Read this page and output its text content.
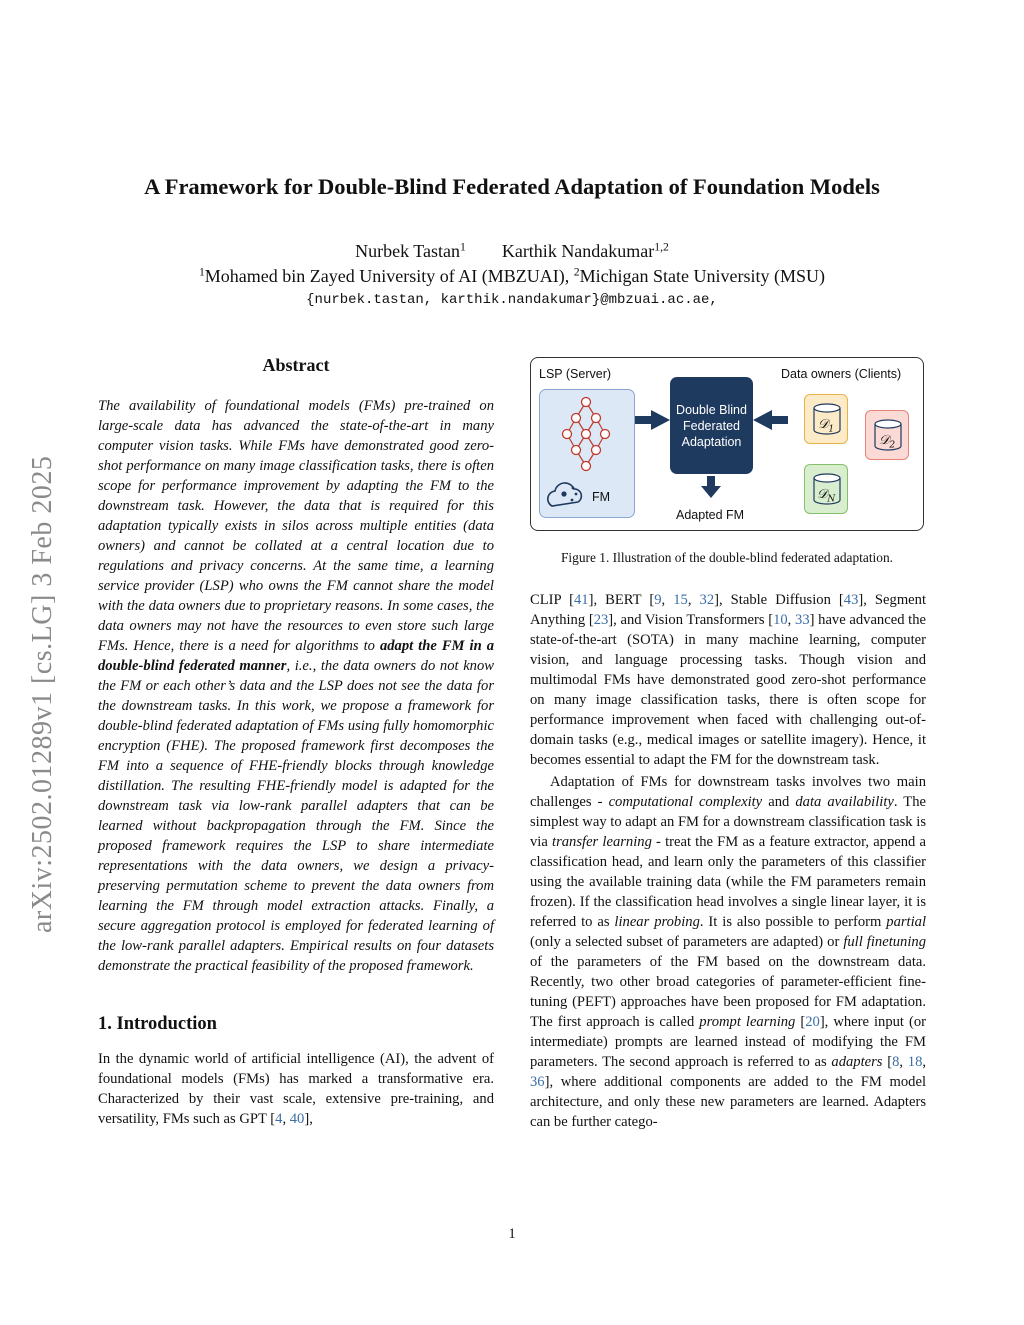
arXiv:2502.01289v1 [cs.LG] 3 Feb 2025
A Framework for Double-Blind Federated Adaptation of Foundation Models
Nurbek Tastan$^1$ Karthik Nandakumar$^{1,2}$
$^1$Mohamed bin Zayed University of AI (MBZUAI), $^2$Michigan State University (MSU)
{nurbek.tastan, karthik.nandakumar}@mbzuai.ac.ae,
Abstract

The availability of foundational models (FMs) pre-trained on large-scale data has advanced the state-of-the-art in many computer vision tasks. While FMs have demonstrated good zero-shot performance on many image classification tasks, there is often scope for performance improvement by adapting the FM to the downstream task. However, the data that is required for this adaptation typically exists in silos across multiple entities (data owners) and cannot be collated at a central location due to regulations and privacy concerns. At the same time, a learning service provider (LSP) who owns the FM cannot share the model with the data owners due to proprietary reasons. In some cases, the data owners may not have the resources to even store such large FMs. Hence, there is a need for algorithms to adapt the FM in a double-blind federated manner, i.e., the data owners do not know the FM or each other’s data and the LSP does not see the data for the downstream tasks. In this work, we propose a framework for double-blind federated adaptation of FMs using fully homomorphic encryption (FHE). The proposed framework first decomposes the FM into a sequence of FHE-friendly blocks through knowledge distillation. The resulting FHE-friendly model is adapted for the downstream task via low-rank parallel adapters that can be learned without backpropagation through the FM. Since the proposed framework requires the LSP to share intermediate representations with the data owners, we design a privacy-preserving permutation scheme to prevent the data owners from learning the FM through model extraction attacks. Finally, a secure aggregation protocol is employed for federated learning of the low-rank parallel adapters. Empirical results on four datasets demonstrate the practical feasibility of the proposed framework.

1. Introduction

In the dynamic world of artificial intelligence (AI), the advent of foundational models (FMs) has marked a transformative era. Characterized by their vast scale, extensive pre-training, and versatility, FMs such as GPT [4, 40],

LSP (Server)	Data owners (Clients)
FM
Double Blind
Federated
Adaptation
Adapted FM
𝒟$_1$
𝒟$_2$
𝒟$_N$
Figure 1. Illustration of the double-blind federated adaptation.

CLIP [41], BERT [9, 15, 32], Stable Diffusion [43], Segment Anything [23], and Vision Transformers [10, 33] have advanced the state-of-the-art (SOTA) in many machine learning, computer vision, and language processing tasks. Though vision and multimodal FMs have demonstrated good zero-shot performance on many image classification tasks, there is often scope for performance improvement when faced with challenging out-of-domain tasks (e.g., medical images or satellite imagery). Hence, it becomes essential to adapt the FM for the downstream task.

Adaptation of FMs for downstream tasks involves two main challenges - computational complexity and data availability. The simplest way to adapt an FM for a downstream classification task is via transfer learning - treat the FM as a feature extractor, append a classification head, and learn only the parameters of this classifier using the available training data (while the FM parameters remain frozen). If the classification head involves a single linear layer, it is referred to as linear probing. It is also possible to perform partial (only a selected subset of parameters are adapted) or full finetuning of the parameters of the FM based on the downstream data. Recently, two other broad categories of parameter-efficient fine-tuning (PEFT) approaches have been proposed for FM adaptation. The first approach is called prompt learning [20], where input (or intermediate) prompts are learned instead of modifying the FM parameters. The second approach is referred to as adapters [8, 18, 36], where additional components are added to the FM model architecture, and only these new parameters are learned. Adapters can be further catego-

1
